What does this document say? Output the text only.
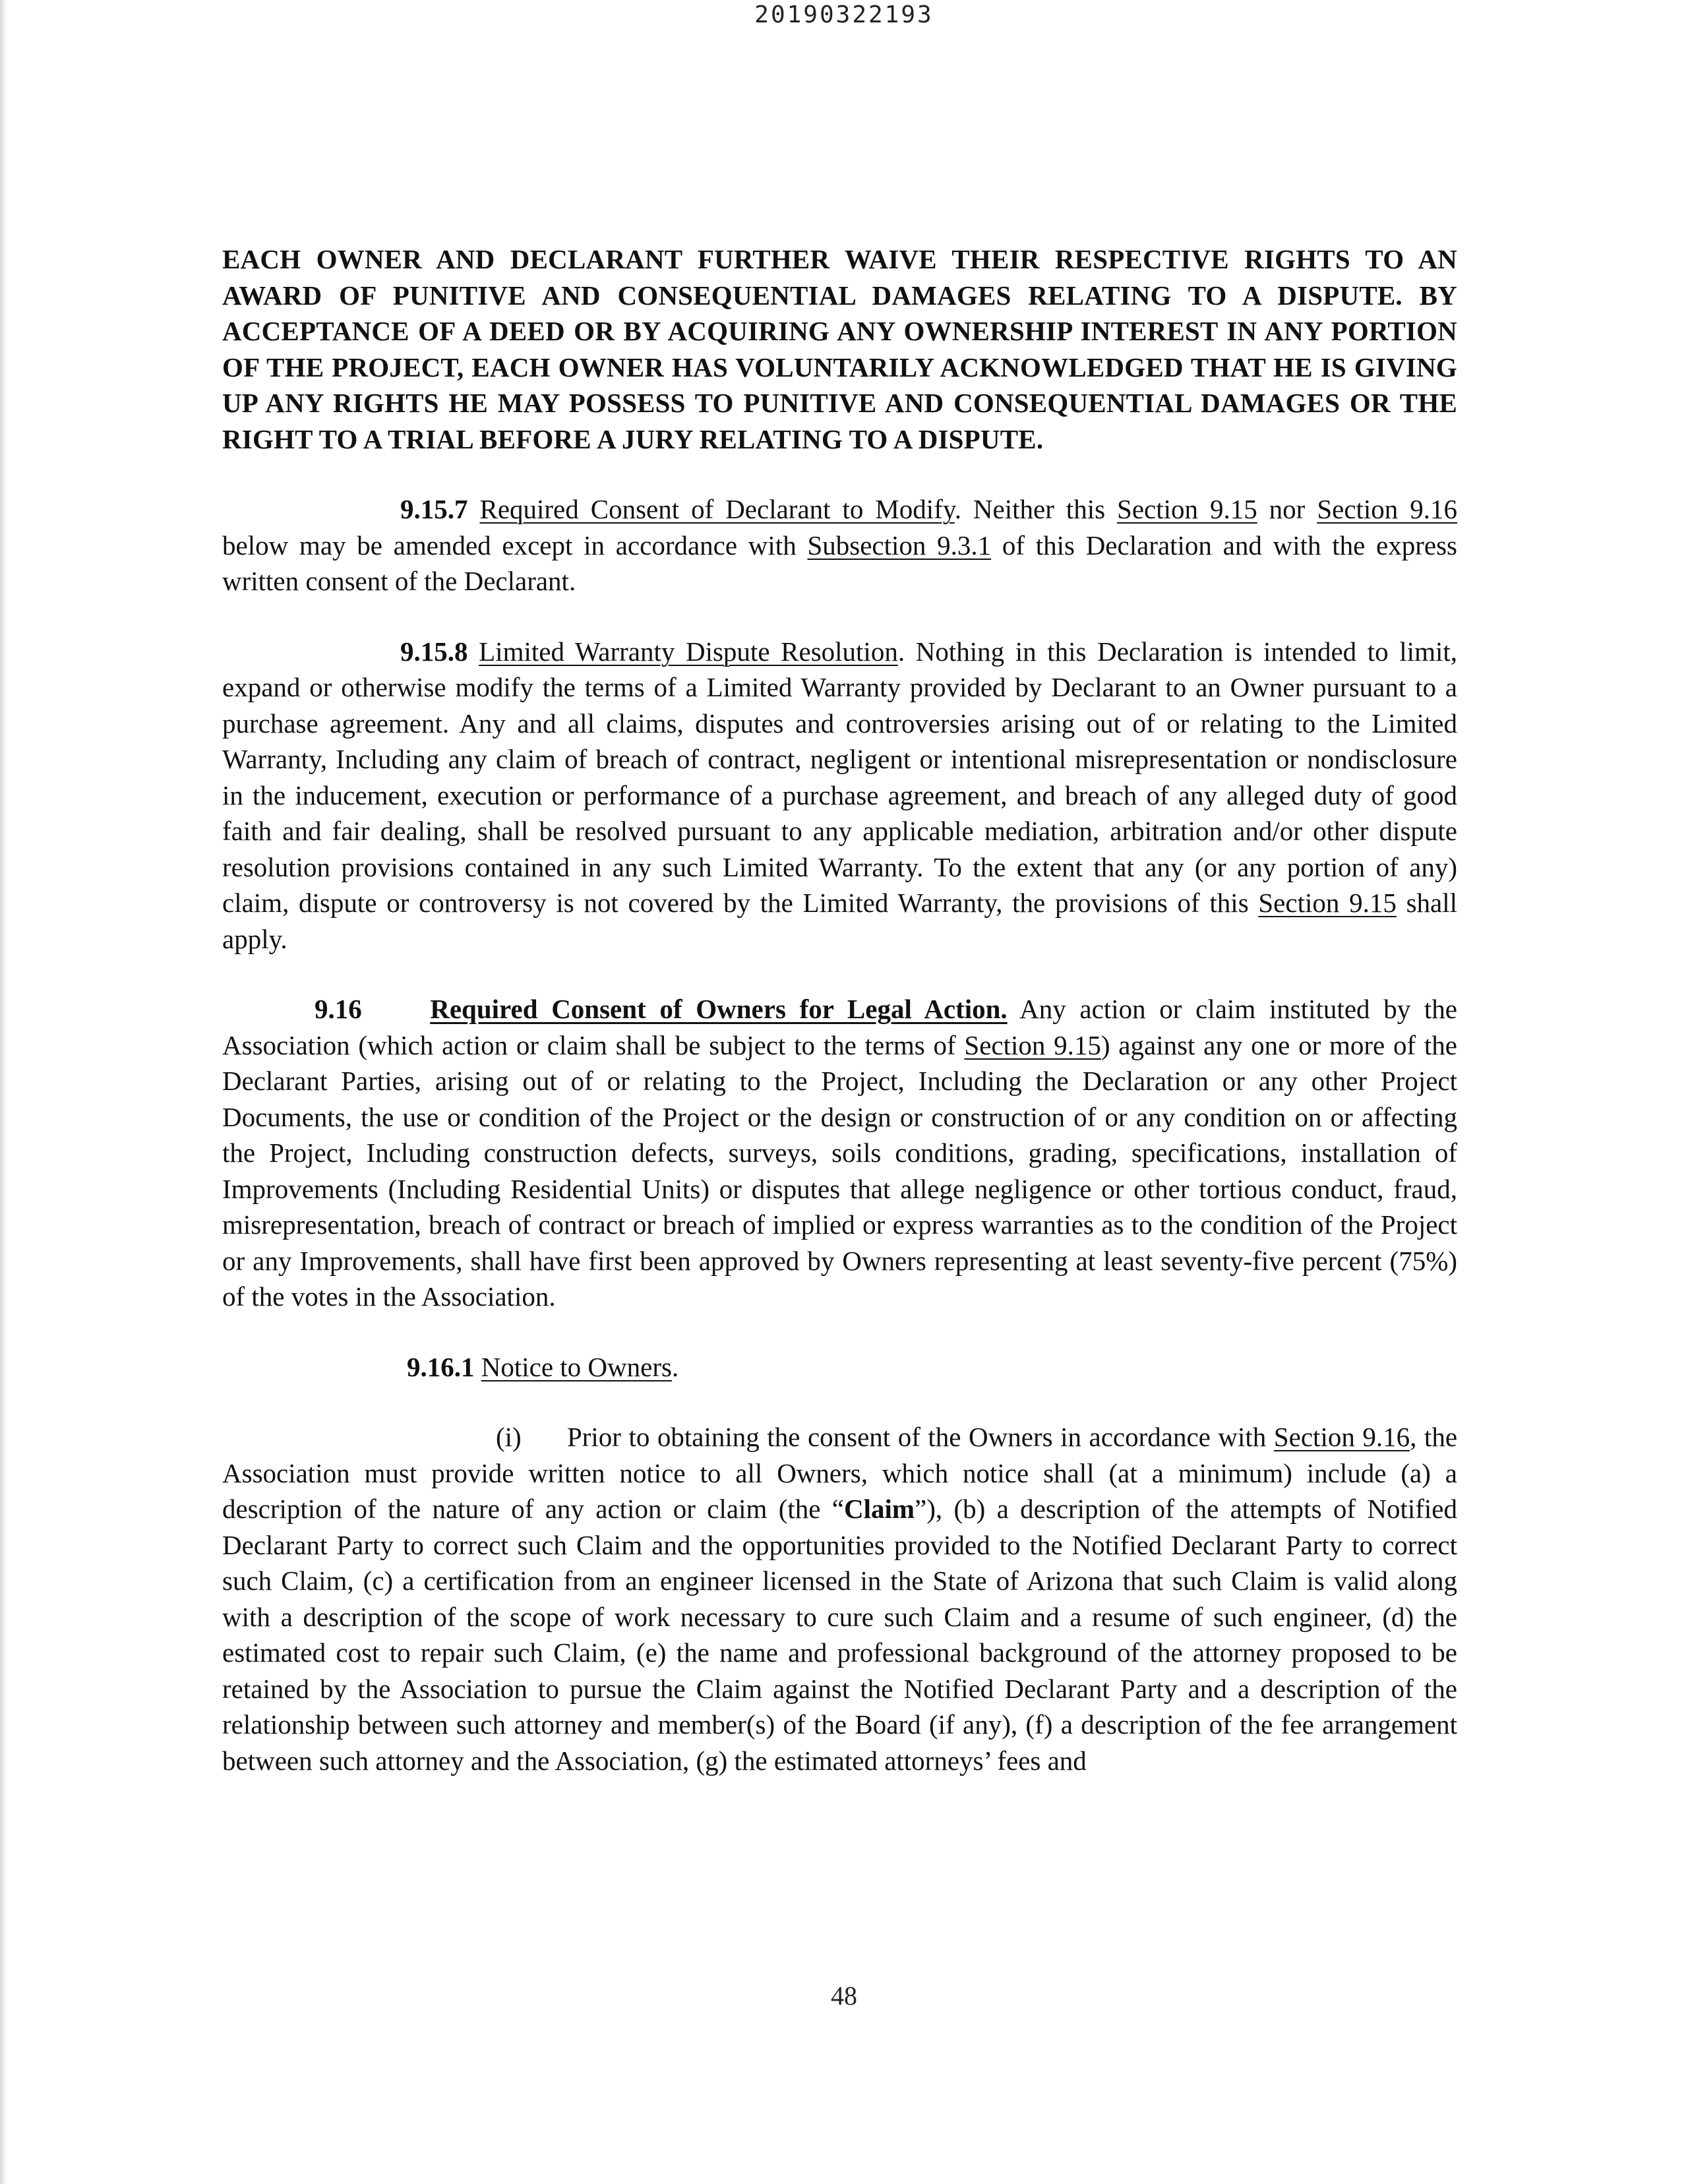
20190322193

EACH OWNER AND DECLARANT FURTHER WAIVE THEIR RESPECTIVE RIGHTS TO AN AWARD OF PUNITIVE AND CONSEQUENTIAL DAMAGES RELATING TO A DISPUTE. BY ACCEPTANCE OF A DEED OR BY ACQUIRING ANY OWNERSHIP INTEREST IN ANY PORTION OF THE PROJECT, EACH OWNER HAS VOLUNTARILY ACKNOWLEDGED THAT HE IS GIVING UP ANY RIGHTS HE MAY POSSESS TO PUNITIVE AND CONSEQUENTIAL DAMAGES OR THE RIGHT TO A TRIAL BEFORE A JURY RELATING TO A DISPUTE.

9.15.7 Required Consent of Declarant to Modify. Neither this Section 9.15 nor Section 9.16 below may be amended except in accordance with Subsection 9.3.1 of this Declaration and with the express written consent of the Declarant.

9.15.8 Limited Warranty Dispute Resolution. Nothing in this Declaration is intended to limit, expand or otherwise modify the terms of a Limited Warranty provided by Declarant to an Owner pursuant to a purchase agreement. Any and all claims, disputes and controversies arising out of or relating to the Limited Warranty, Including any claim of breach of contract, negligent or intentional misrepresentation or nondisclosure in the inducement, execution or performance of a purchase agreement, and breach of any alleged duty of good faith and fair dealing, shall be resolved pursuant to any applicable mediation, arbitration and/or other dispute resolution provisions contained in any such Limited Warranty. To the extent that any (or any portion of any) claim, dispute or controversy is not covered by the Limited Warranty, the provisions of this Section 9.15 shall apply.

9.16	Required Consent of Owners for Legal Action. Any action or claim instituted by the Association (which action or claim shall be subject to the terms of Section 9.15) against any one or more of the Declarant Parties, arising out of or relating to the Project, Including the Declaration or any other Project Documents, the use or condition of the Project or the design or construction of or any condition on or affecting the Project, Including construction defects, surveys, soils conditions, grading, specifications, installation of Improvements (Including Residential Units) or disputes that allege negligence or other tortious conduct, fraud, misrepresentation, breach of contract or breach of implied or express warranties as to the condition of the Project or any Improvements, shall have first been approved by Owners representing at least seventy-five percent (75%) of the votes in the Association.

9.16.1 Notice to Owners.

(i) Prior to obtaining the consent of the Owners in accordance with Section 9.16, the Association must provide written notice to all Owners, which notice shall (at a minimum) include (a) a description of the nature of any action or claim (the “Claim”), (b) a description of the attempts of Notified Declarant Party to correct such Claim and the opportunities provided to the Notified Declarant Party to correct such Claim, (c) a certification from an engineer licensed in the State of Arizona that such Claim is valid along with a description of the scope of work necessary to cure such Claim and a resume of such engineer, (d) the estimated cost to repair such Claim, (e) the name and professional background of the attorney proposed to be retained by the Association to pursue the Claim against the Notified Declarant Party and a description of the relationship between such attorney and member(s) of the Board (if any), (f) a description of the fee arrangement between such attorney and the Association, (g) the estimated attorneys’ fees and

48
